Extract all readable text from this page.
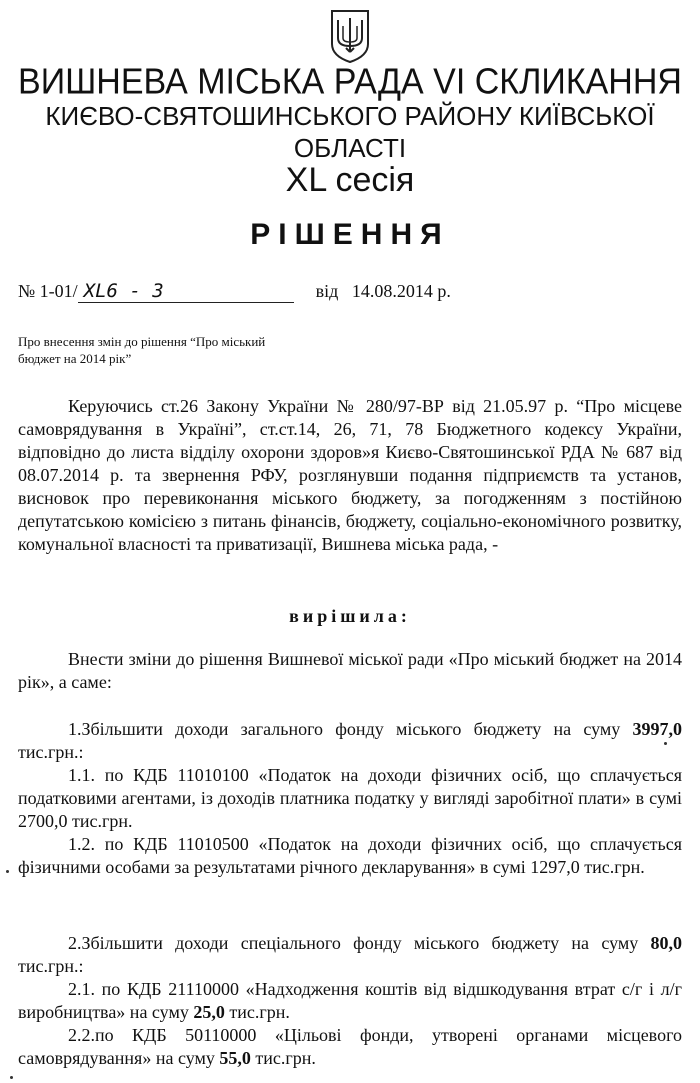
ВИШНЕВА МІСЬКА РАДА VI СКЛИКАННЯ
КИЄВО-СВЯТОШИНСЬКОГО РАЙОНУ КИЇВСЬКОЇ ОБЛАСТІ
XL сесія
РІШЕННЯ
№ 1-01/ XL6 - 3	від 14.08.2014 р.
Про внесення змін до рішення “Про міський
бюджет на 2014 рік”
Керуючись ст.26 Закону України № 280/97-ВР від 21.05.97 р. “Про місцеве самоврядування в Україні”, ст.ст.14, 26, 71, 78 Бюджетного кодексу України, відповідно до листа відділу охорони здоров»я Києво-Святошинської РДА № 687 від 08.07.2014 р. та звернення РФУ, розглянувши подання підприємств та установ, висновок про перевиконання міського бюджету, за погодженням з постійною депутатською комісією з питань фінансів, бюджету, соціально-економічного розвитку, комунальної власності та приватизації, Вишнева міська рада, -
вирішила:
Внести зміни до рішення Вишневої міської ради «Про міський бюджет на 2014 рік», а саме:
1.Збільшити доходи загального фонду міського бюджету на суму 3997,0 тис.грн.:
1.1. по КДБ 11010100 «Податок на доходи фізичних осіб, що сплачується податковими агентами, із доходів платника податку у вигляді заробітної плати» в сумі 2700,0 тис.грн.
1.2. по КДБ 11010500 «Податок на доходи фізичних осіб, що сплачується фізичними особами за результатами річного декларування» в сумі 1297,0 тис.грн.
2.Збільшити доходи спеціального фонду міського бюджету на суму 80,0 тис.грн.:
2.1. по КДБ 21110000 «Надходження коштів від відшкодування втрат с/г і л/г виробництва» на суму 25,0 тис.грн.
2.2.по КДБ 50110000 «Цільові фонди, утворені органами місцевого самоврядування» на суму 55,0 тис.грн.
